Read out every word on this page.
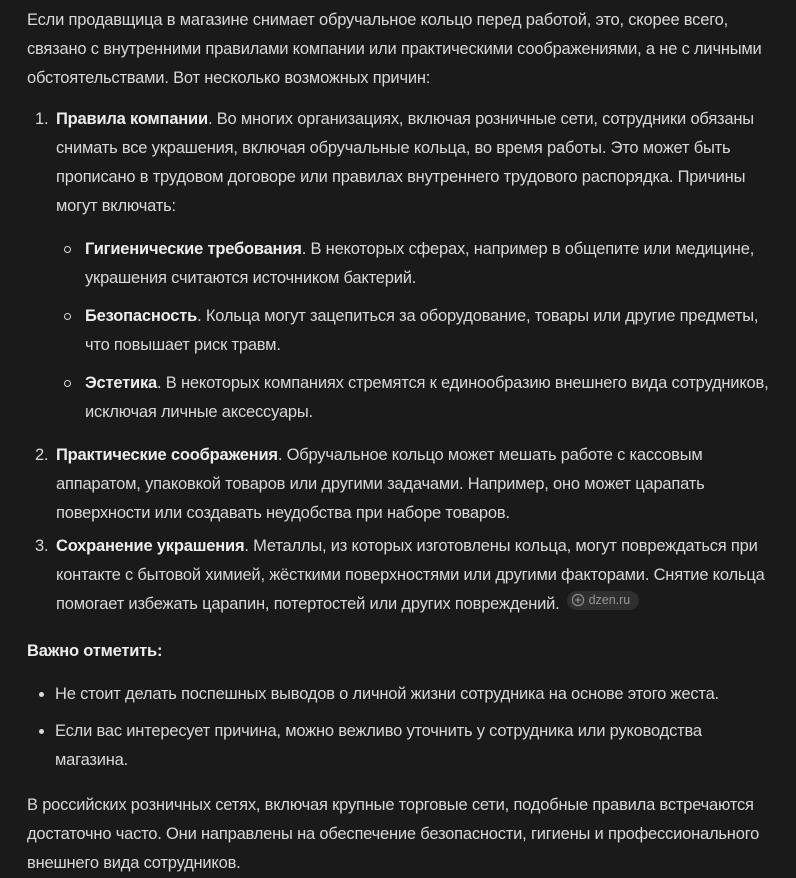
Если продавщица в магазине снимает обручальное кольцо перед работой, это, скорее всего, связано с внутренними правилами компании или практическими соображениями, а не с личными обстоятельствами. Вот несколько возможных причин:

1. Правила компании. Во многих организациях, включая розничные сети, сотрудники обязаны снимать все украшения, включая обручальные кольца, во время работы. Это может быть прописано в трудовом договоре или правилах внутреннего трудового распорядка. Причины могут включать:

Гигиенические требования. В некоторых сферах, например в общепите или медицине, украшения считаются источником бактерий.

Безопасность. Кольца могут зацепиться за оборудование, товары или другие предметы, что повышает риск травм.

Эстетика. В некоторых компаниях стремятся к единообразию внешнего вида сотрудников, исключая личные аксессуары.

2. Практические соображения. Обручальное кольцо может мешать работе с кассовым аппаратом, упаковкой товаров или другими задачами. Например, оно может царапать поверхности или создавать неудобства при наборе товаров.

3. Сохранение украшения. Металлы, из которых изготовлены кольца, могут повреждаться при контакте с бытовой химией, жёсткими поверхностями или другими факторами. Снятие кольца помогает избежать царапин, потертостей или других повреждений. dzen.ru

Важно отметить:

Не стоит делать поспешных выводов о личной жизни сотрудника на основе этого жеста.

Если вас интересует причина, можно вежливо уточнить у сотрудника или руководства магазина.

В российских розничных сетях, включая крупные торговые сети, подобные правила встречаются достаточно часто. Они направлены на обеспечение безопасности, гигиены и профессионального внешнего вида сотрудников.
